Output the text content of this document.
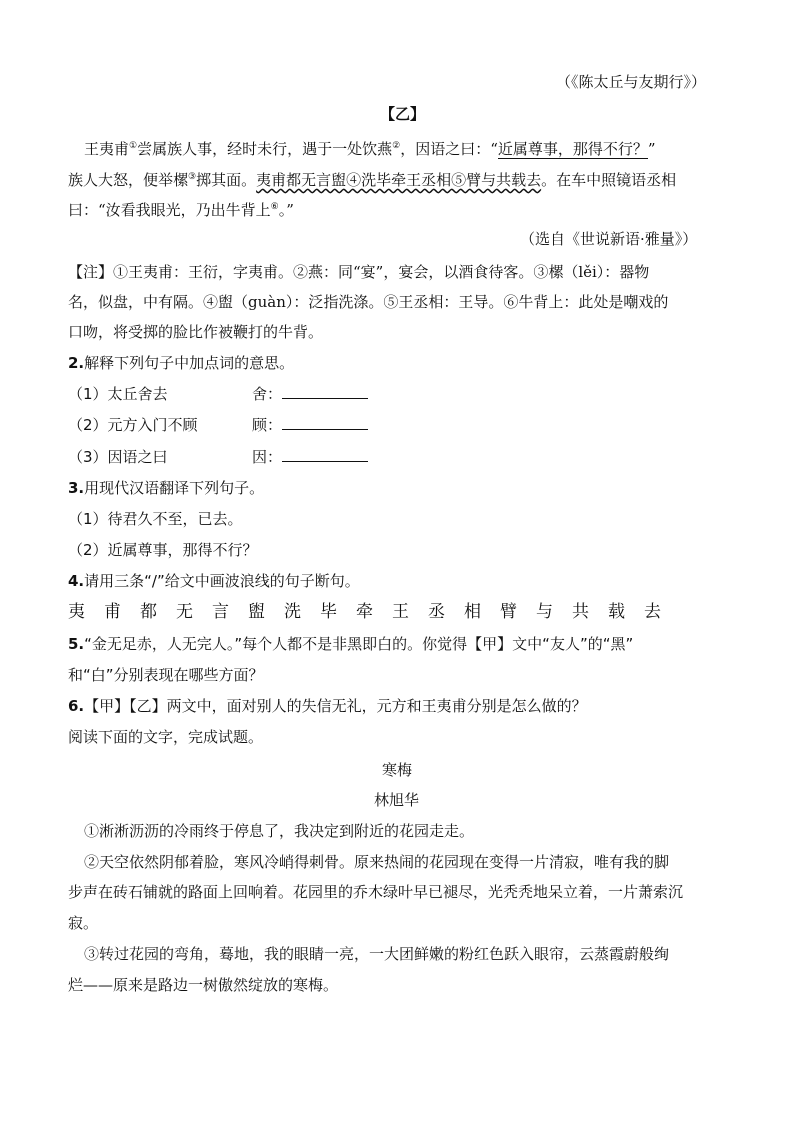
（《陈太丘与友期行》）
【乙】
王夷甫①尝属族人事，经时未行，遇于一处饮燕②，因语之曰：“近属尊事，那得不行？”
族人大怒，便举樏③掷其面。夷甫都无言盥④洗毕牵王丞相⑤臂与共载去。在车中照镜语丞相
曰：“汝看我眼光，乃出牛背上⑥。”
（选自《世说新语·雅量》）
【注】①王夷甫：王衍，字夷甫。②燕：同“宴”，宴会，以酒食待客。③樏（lěi）：器物
名，似盘，中有隔。④盥（guàn）：泛指洗涤。⑤王丞相：王导。⑥牛背上：此处是嘲戏的
口吻，将受掷的脸比作被鞭打的牛背。
2.解释下列句子中加点词的意思。
（1）太丘舍去	舍：
（2）元方入门不顾	顾：
（3）因语之曰	因：
3.用现代汉语翻译下列句子。
（1）待君久不至，已去。
（2）近属尊事，那得不行？
4.请用三条“/”给文中画波浪线的句子断句。
夷 甫 都 无 言 盥 洗 毕 牵 王 丞 相 臂 与 共 载 去
5.“金无足赤，人无完人。”每个人都不是非黑即白的。你觉得【甲】文中“友人”的“黑”
和“白”分别表现在哪些方面？
6.【甲】【乙】两文中，面对别人的失信无礼，元方和王夷甫分别是怎么做的？
阅读下面的文字，完成试题。
寒梅
林旭华
①淅淅沥沥的冷雨终于停息了，我决定到附近的花园走走。
②天空依然阴郁着脸，寒风冷峭得刺骨。原来热闹的花园现在变得一片清寂，唯有我的脚
步声在砖石铺就的路面上回响着。花园里的乔木绿叶早已褪尽，光秃秃地呆立着，一片萧索沉
寂。
③转过花园的弯角，蓦地，我的眼睛一亮，一大团鲜嫩的粉红色跃入眼帘，云蒸霞蔚般绚
烂——原来是路边一树傲然绽放的寒梅。
